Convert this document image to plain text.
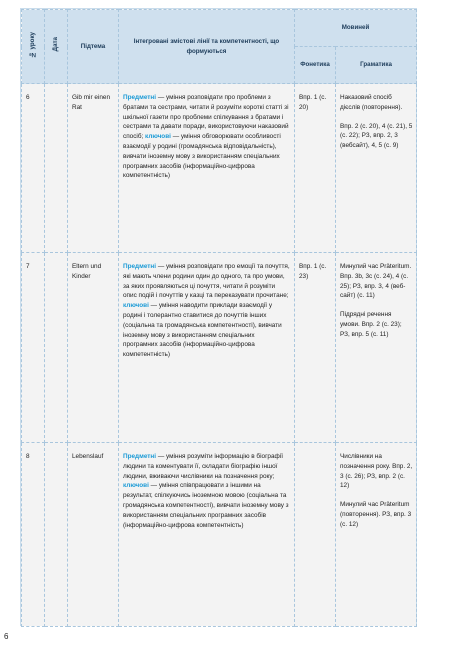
№ уроку	Дата	Підтема	Інтегровані змістові лінії та компетентності, що формуються	Мовиней	
				Фонетика	Граматика

6		Gib mir einen Rat	Предметні — уміння розповідати про проблеми з братами та сестрами, читати й розуміти короткі статті зі шкільної газети про проблеми спілкування з братами і сестрами та давати поради, використовуючи наказовий спосіб; ключові — уміння обговорювати особливості взаємодії у родині (громадянська відповідальність), вивчати іноземну мову з використанням спеціальних програмних засобів (інформаційно-цифрова компетентність)	Впр. 1 (с. 20)	Наказовий спосіб дієслів (повторення).
Впр. 2 (с. 20), 4 (с. 21), 5 (с. 22); РЗ, впр. 2, 3 (вебсайт), 4, 5 (с. 9)

7		Eltern und Kinder	Предметні — уміння розповідати про емоції та почуття, які мають члени родини один до одного, та про умови, за яких проявляються ці почуття, читати й розуміти опис подій і почуттів у казці та переказувати прочитане; ключові — уміння наводити приклади взаємодії у родині і толерантно ставитися до почуттів інших (соціальна та громадянська компетентності), вивчати іноземну мову з використанням спеціальних програмних засобів (інформаційно-цифрова компетентність)	Впр. 1 (с. 23)	Минулий час Präteritum. Впр. 3b, 3c (с. 24), 4 (с. 25); РЗ, впр. 3, 4 (веб-сайт) (с. 11)
Підрядні речення умови. Впр. 2 (с. 23); РЗ, впр. 5 (с. 11)

8		Lebenslauf	Предметні — уміння розуміти інформацію в біографії людини та коментувати її, складати біографію іншої людини, вживаючи числівники на позначення року; ключові — уміння співпрацювати з іншими на результат, спілкуючись іноземною мовою (соціальна та громадянська компетентності), вивчати іноземну мову з використанням спеціальних програмних засобів (інформаційно-цифрова компетентність)		Числівники на позначення року. Впр. 2, 3 (с. 26); РЗ, впр. 2 (с. 12)
Минулий час Präteritum (повторення). РЗ, впр. 3 (с. 12)
6
